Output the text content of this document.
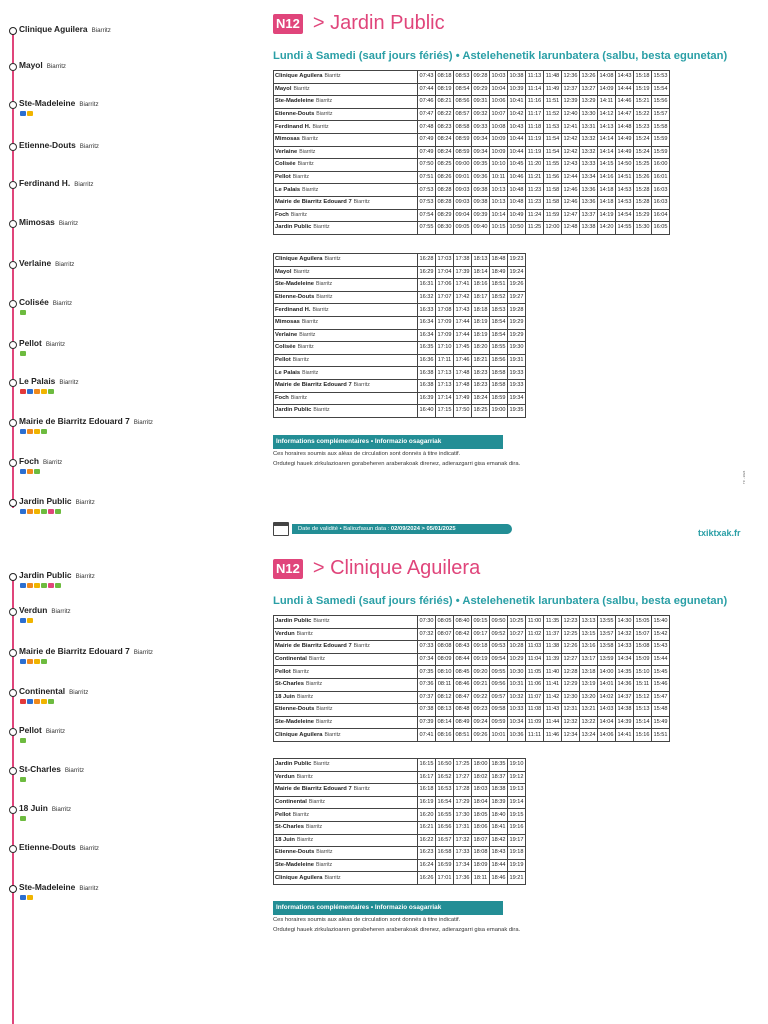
Clinique Aguilera Biarritz
Mayol Biarritz
Ste-Madeleine Biarritz
Etienne-Douts Biarritz
Ferdinand H. Biarritz
Mimosas Biarritz
Verlaine Biarritz
Colisée Biarritz
Pellot Biarritz
Le Palais Biarritz
Mairie de Biarritz Edouard 7 Biarritz
Foch Biarritz
Jardin Public Biarritz
N12 > Jardin Public
Lundi à Samedi (sauf jours fériés) • Astelehenetik larunbatera (salbu, besta egunetan)
Clinique Aguilera Biarritz	07:43	08:18	08:53	09:28	10:03	10:38	11:13	11:48	12:36	13:26	14:08	14:43	15:18	15:53
Mayol Biarritz	07:44	08:19	08:54	09:29	10:04	10:39	11:14	11:49	12:37	13:27	14:09	14:44	15:19	15:54
Ste-Madeleine Biarritz	07:46	08:21	08:56	09:31	10:06	10:41	11:16	11:51	12:39	13:29	14:11	14:46	15:21	15:56
Etienne-Douts Biarritz	07:47	08:22	08:57	09:32	10:07	10:42	11:17	11:52	12:40	13:30	14:12	14:47	15:22	15:57
Ferdinand H. Biarritz	07:48	08:23	08:58	09:33	10:08	10:43	11:18	11:53	12:41	13:31	14:13	14:48	15:23	15:58
Mimosas Biarritz	07:49	08:24	08:59	09:34	10:09	10:44	11:19	11:54	12:42	13:32	14:14	14:49	15:24	15:59
Verlaine Biarritz	07:49	08:24	08:59	09:34	10:09	10:44	11:19	11:54	12:42	13:32	14:14	14:49	15:24	15:59
Colisée Biarritz	07:50	08:25	09:00	09:35	10:10	10:45	11:20	11:55	12:43	13:33	14:15	14:50	15:25	16:00
Pellot Biarritz	07:51	08:26	09:01	09:36	10:11	10:46	11:21	11:56	12:44	13:34	14:16	14:51	15:26	16:01
Le Palais Biarritz	07:53	08:28	09:03	09:38	10:13	10:48	11:23	11:58	12:46	13:36	14:18	14:53	15:28	16:03
Mairie de Biarritz Edouard 7 Biarritz	07:53	08:28	09:03	09:38	10:13	10:48	11:23	11:58	12:46	13:36	14:18	14:53	15:28	16:03
Foch Biarritz	07:54	08:29	09:04	09:39	10:14	10:49	11:24	11:59	12:47	13:37	14:19	14:54	15:29	16:04
Jardin Public Biarritz	07:55	08:30	09:05	09:40	10:15	10:50	11:25	12:00	12:48	13:38	14:20	14:55	15:30	16:05
Clinique Aguilera Biarritz	16:28	17:03	17:38	18:13	18:48	19:23
Mayol Biarritz	16:29	17:04	17:39	18:14	18:49	19:24
Ste-Madeleine Biarritz	16:31	17:06	17:41	18:16	18:51	19:26
Etienne-Douts Biarritz	16:32	17:07	17:42	18:17	18:52	19:27
Ferdinand H. Biarritz	16:33	17:08	17:43	18:18	18:53	19:28
Mimosas Biarritz	16:34	17:09	17:44	18:19	18:54	19:29
Verlaine Biarritz	16:34	17:09	17:44	18:19	18:54	19:29
Colisée Biarritz	16:35	17:10	17:45	18:20	18:55	19:30
Pellot Biarritz	16:36	17:11	17:46	18:21	18:56	19:31
Le Palais Biarritz	16:38	17:13	17:48	18:23	18:58	19:33
Mairie de Biarritz Edouard 7 Biarritz	16:38	17:13	17:48	18:23	18:58	19:33
Foch Biarritz	16:39	17:14	17:49	18:24	18:59	19:34
Jardin Public Biarritz	16:40	17:15	17:50	18:25	19:00	19:35
Informations complémentaires • Informazio osagarriak
Ces horaires soumis aux aléas de circulation sont donnés à titre indicatif.
Ordutegi hauek zirkulazioaren gorabeheren araberakoak direnez, adierazgarri gisa emanak dira.
Date de validité • Baliozfasun data : 02/09/2024 > 05/01/2025	txiktxak.fr
TC - 2024
Jardin Public Biarritz
Verdun Biarritz
Mairie de Biarritz Edouard 7 Biarritz
Continental Biarritz
Pellot Biarritz
St-Charles Biarritz
18 Juin Biarritz
Etienne-Douts Biarritz
Ste-Madeleine Biarritz
N12 > Clinique Aguilera
Lundi à Samedi (sauf jours fériés) • Astelehenetik larunbatera (salbu, besta egunetan)
Jardin Public Biarritz	07:30	08:05	08:40	09:15	09:50	10:25	11:00	11:35	12:23	13:13	13:55	14:30	15:05	15:40
Verdun Biarritz	07:32	08:07	08:42	09:17	09:52	10:27	11:02	11:37	12:25	13:15	13:57	14:32	15:07	15:42
Mairie de Biarritz Edouard 7 Biarritz	07:33	08:08	08:43	09:18	09:53	10:28	11:03	11:38	12:26	13:16	13:58	14:33	15:08	15:43
Continental Biarritz	07:34	08:09	08:44	09:19	09:54	10:29	11:04	11:39	12:27	13:17	13:59	14:34	15:09	15:44
Pellot Biarritz	07:35	08:10	08:45	09:20	09:55	10:30	11:05	11:40	12:28	13:18	14:00	14:35	15:10	15:45
St-Charles Biarritz	07:36	08:11	08:46	09:21	09:56	10:31	11:06	11:41	12:29	13:19	14:01	14:36	15:11	15:46
18 Juin Biarritz	07:37	08:12	08:47	09:22	09:57	10:32	11:07	11:42	12:30	13:20	14:02	14:37	15:12	15:47
Etienne-Douts Biarritz	07:38	08:13	08:48	09:23	09:58	10:33	11:08	11:43	12:31	13:21	14:03	14:38	15:13	15:48
Ste-Madeleine Biarritz	07:39	08:14	08:49	09:24	09:59	10:34	11:09	11:44	12:32	13:22	14:04	14:39	15:14	15:49
Clinique Aguilera Biarritz	07:41	08:16	08:51	09:26	10:01	10:36	11:11	11:46	12:34	13:24	14:06	14:41	15:16	15:51
Jardin Public Biarritz	16:15	16:50	17:25	18:00	18:35	19:10
Verdun Biarritz	16:17	16:52	17:27	18:02	18:37	19:12
Mairie de Biarritz Edouard 7 Biarritz	16:18	16:53	17:28	18:03	18:38	19:13
Continental Biarritz	16:19	16:54	17:29	18:04	18:39	19:14
Pellot Biarritz	16:20	16:55	17:30	18:05	18:40	19:15
St-Charles Biarritz	16:21	16:56	17:31	18:06	18:41	19:16
18 Juin Biarritz	16:22	16:57	17:32	18:07	18:42	19:17
Etienne-Douts Biarritz	16:23	16:58	17:33	18:08	18:43	19:18
Ste-Madeleine Biarritz	16:24	16:59	17:34	18:09	18:44	19:19
Clinique Aguilera Biarritz	16:26	17:01	17:36	18:11	18:46	19:21
Informations complémentaires • Informazio osagarriak
Ces horaires soumis aux aléas de circulation sont donnés à titre indicatif.
Ordutegi hauek zirkulazioaren gorabeheren araberakoak direnez, adierazgarri gisa emanak dira.
